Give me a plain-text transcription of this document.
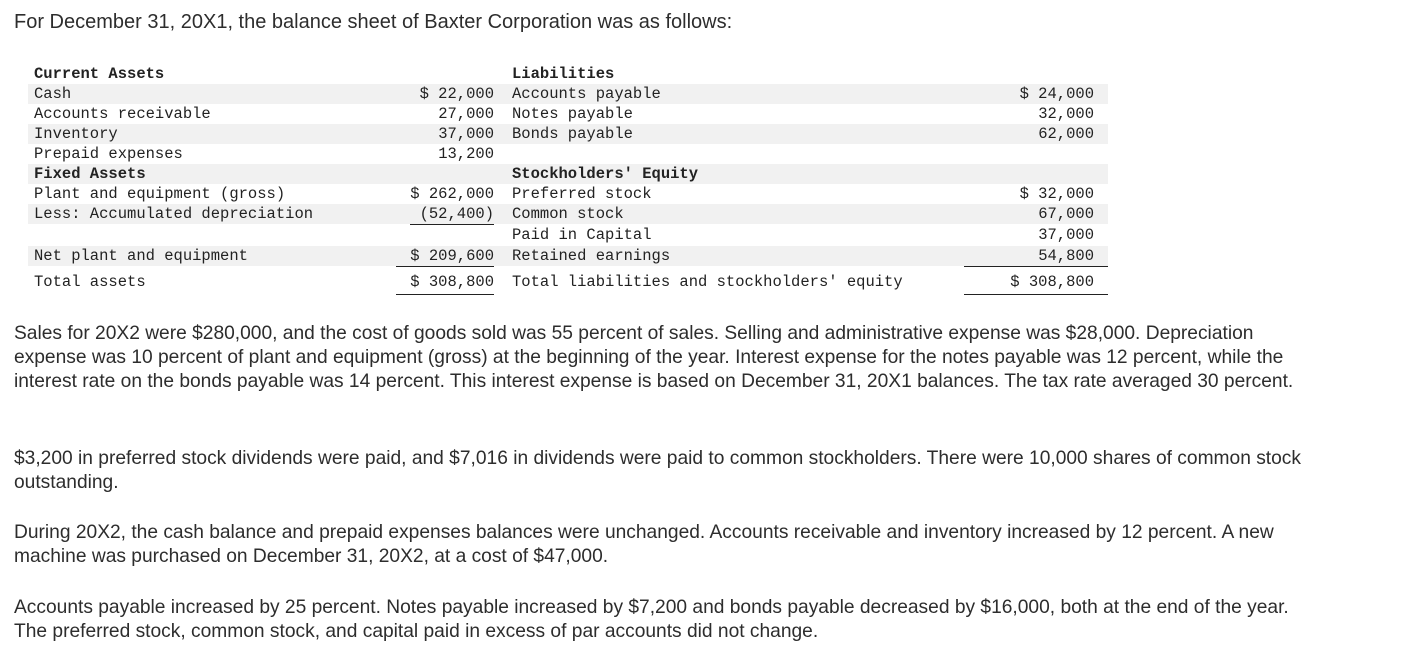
For December 31, 20X1, the balance sheet of Baxter Corporation was as follows:
Current Assets	Liabilities
Cash	$ 22,000 Accounts payable	$ 24,000
Accounts receivable	27,000 Notes payable	32,000
Inventory	37,000 Bonds payable	62,000
Prepaid expenses	13,200
Fixed Assets	Stockholders′ Equity
Plant and equipment (gross)	$ 262,000 Preferred stock	$ 32,000
Less: Accumulated depreciation	(52,400) Common stock	67,000
Paid in Capital	37,000
Net plant and equipment	$ 209,600 Retained earnings	54,800
Total assets	$ 308,800 Total liabilities and stockholders′ equity	$ 308,800

Sales for 20X2 were $280,000, and the cost of goods sold was 55 percent of sales. Selling and administrative expense was $28,000. Depreciation expense was 10 percent of plant and equipment (gross) at the beginning of the year. Interest expense for the notes payable was 12 percent, while the interest rate on the bonds payable was 14 percent. This interest expense is based on December 31, 20X1 balances. The tax rate averaged 30 percent.

$3,200 in preferred stock dividends were paid, and $7,016 in dividends were paid to common stockholders. There were 10,000 shares of common stock outstanding.

During 20X2, the cash balance and prepaid expenses balances were unchanged. Accounts receivable and inventory increased by 12 percent. A new machine was purchased on December 31, 20X2, at a cost of $47,000.

Accounts payable increased by 25 percent. Notes payable increased by $7,200 and bonds payable decreased by $16,000, both at the end of the year. The preferred stock, common stock, and capital paid in excess of par accounts did not change.
